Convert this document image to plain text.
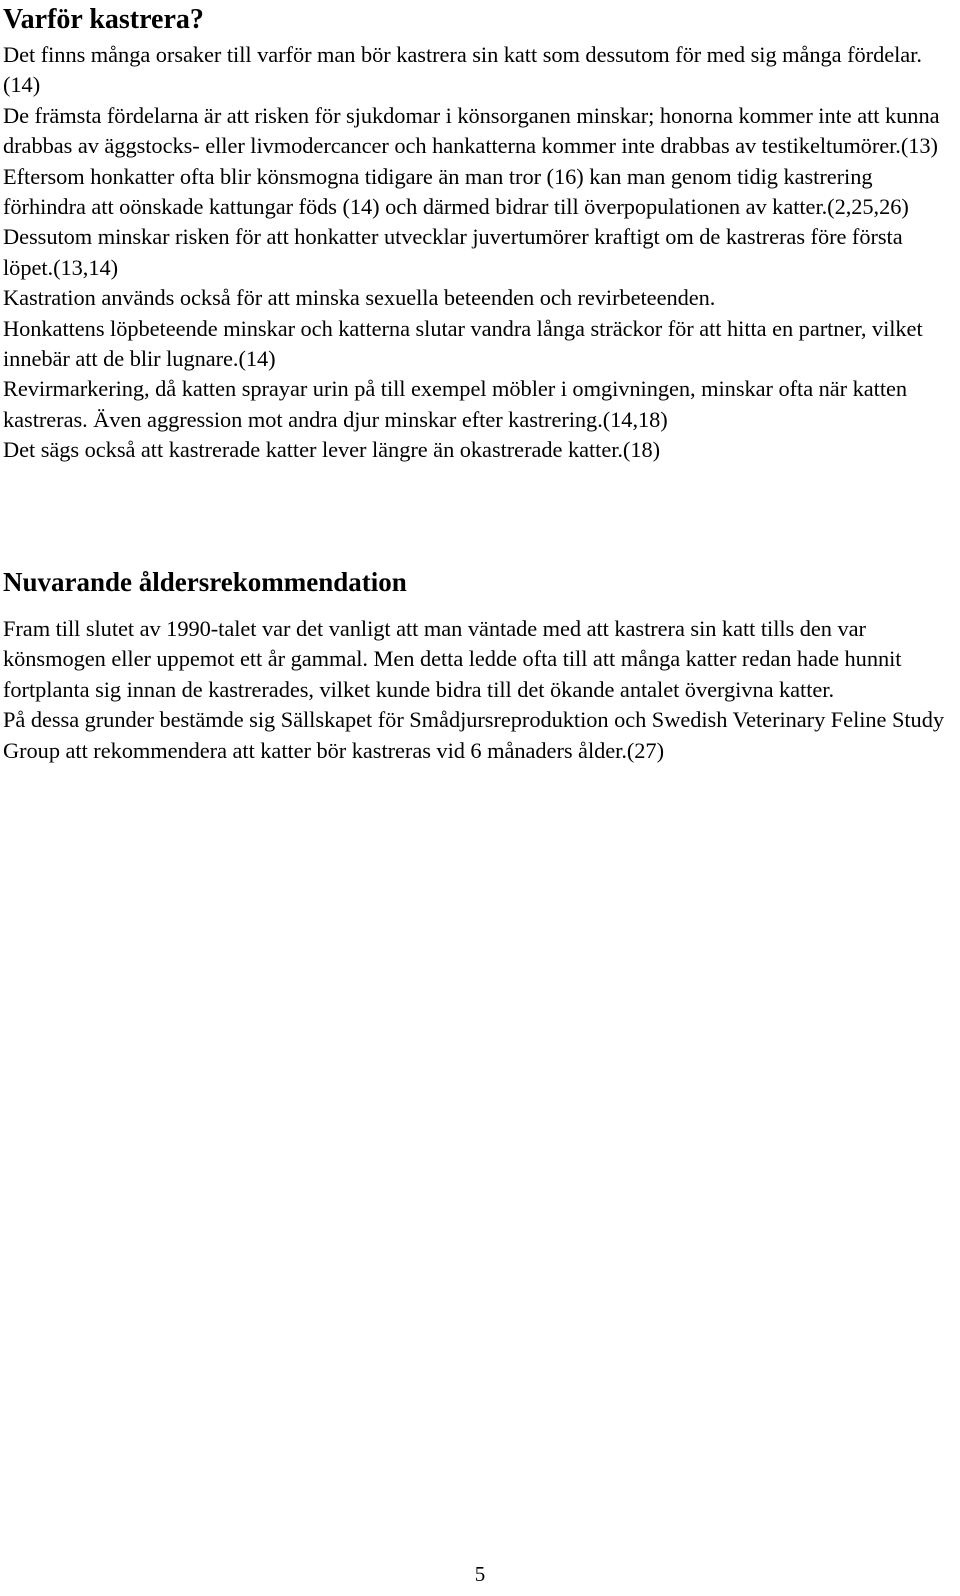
Varför kastrera?

Det finns många orsaker till varför man bör kastrera sin katt som dessutom för med sig många fördelar.(14)

De främsta fördelarna är att risken för sjukdomar i könsorganen minskar; honorna kommer inte att kunna drabbas av äggstocks- eller livmodercancer och hankatterna kommer inte drabbas av testikeltumörer.(13)

Eftersom honkatter ofta blir könsmogna tidigare än man tror (16) kan man genom tidig kastrering förhindra att oönskade kattungar föds (14) och därmed bidrar till överpopulationen av katter.(2,25,26)

Dessutom minskar risken för att honkatter utvecklar juvertumörer kraftigt om de kastreras före första löpet.(13,14)

Kastration används också för att minska sexuella beteenden och revirbeteenden.

Honkattens löpbeteende minskar och katterna slutar vandra långa sträckor för att hitta en partner, vilket innebär att de blir lugnare.(14)

Revirmarkering, då katten sprayar urin på till exempel möbler i omgivningen, minskar ofta när katten kastreras. Även aggression mot andra djur minskar efter kastrering.(14,18)

Det sägs också att kastrerade katter lever längre än okastrerade katter.(18)

Nuvarande åldersrekommendation

Fram till slutet av 1990-talet var det vanligt att man väntade med att kastrera sin katt tills den var könsmogen eller uppemot ett år gammal. Men detta ledde ofta till att många katter redan hade hunnit fortplanta sig innan de kastrerades, vilket kunde bidra till det ökande antalet övergivna katter.

På dessa grunder bestämde sig Sällskapet för Smådjursreproduktion och Swedish Veterinary Feline Study Group att rekommendera att katter bör kastreras vid 6 månaders ålder.(27)

5
